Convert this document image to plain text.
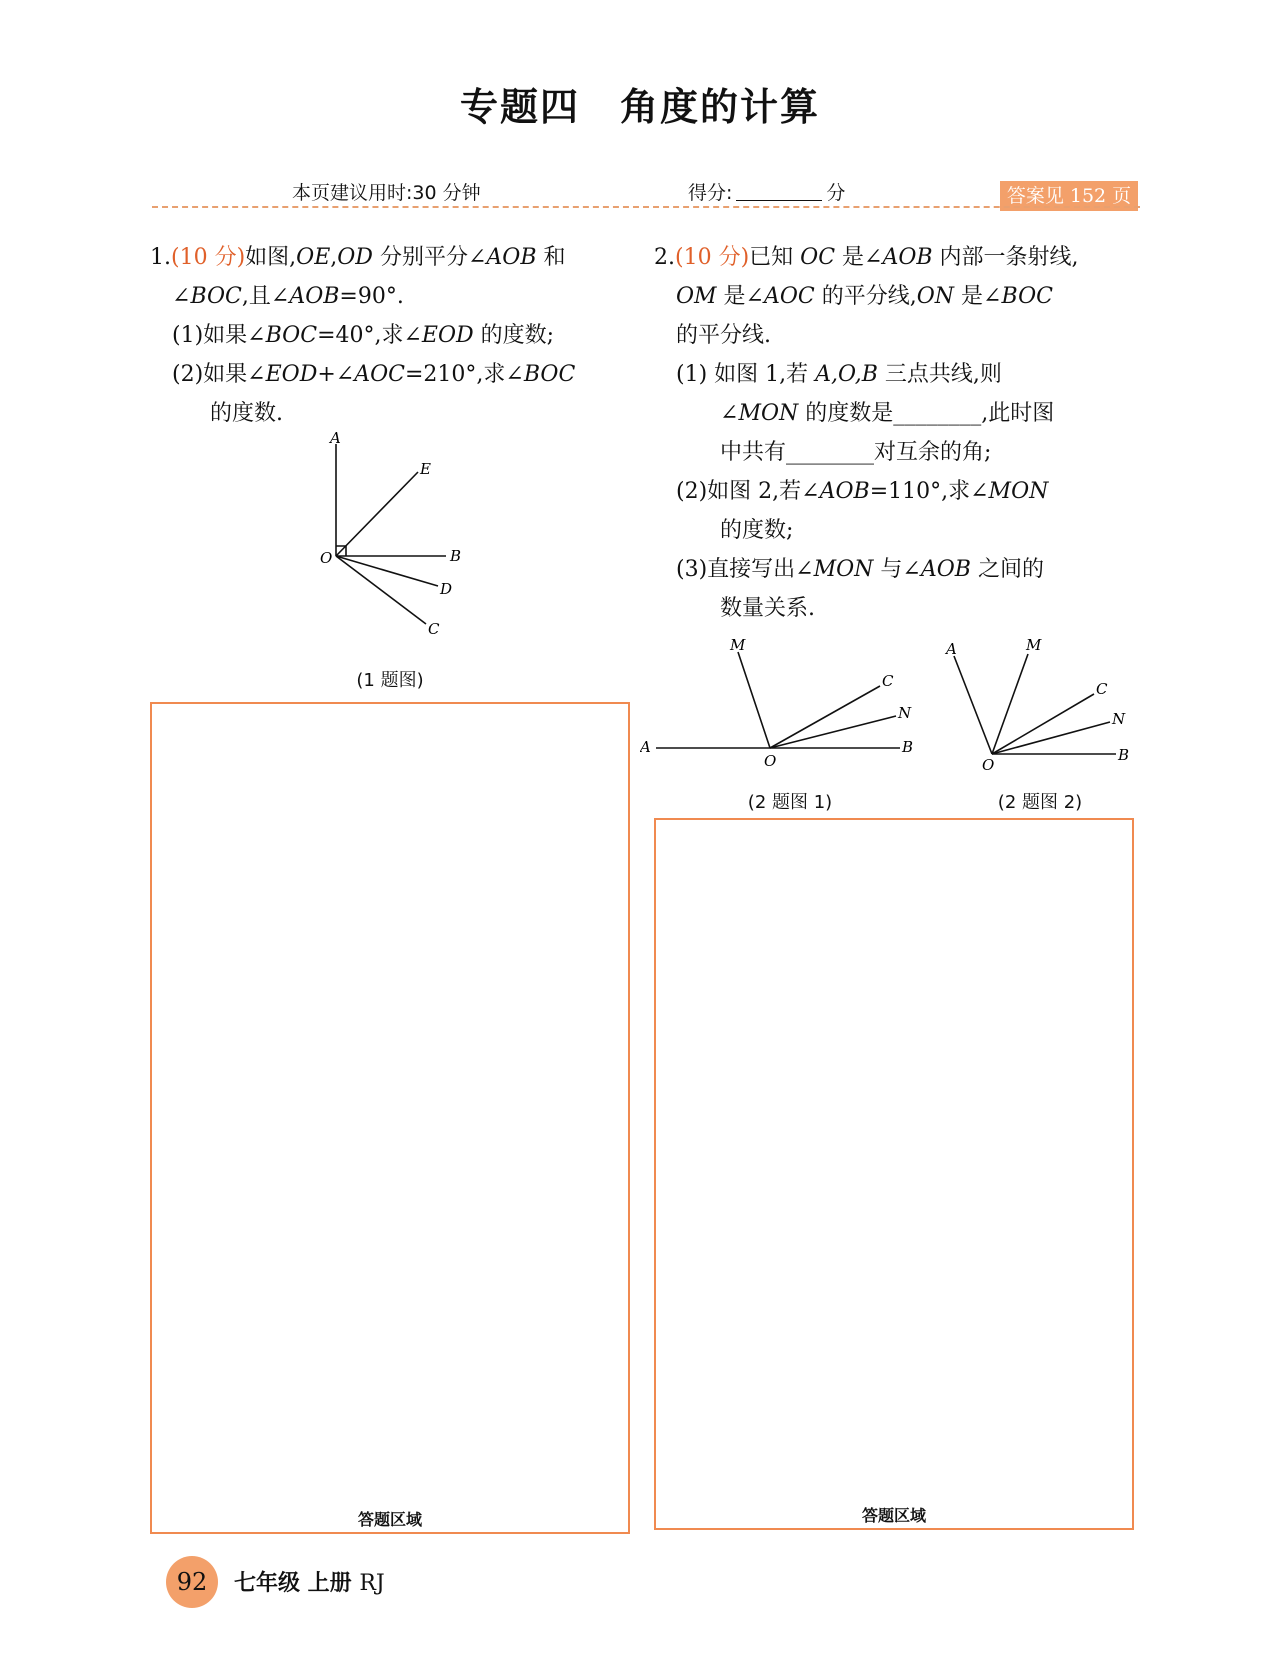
专题四　角度的计算
本页建议用时:30 分钟	得分:	分	答案见 152 页

1.(10 分)如图,OE,OD 分别平分∠AOB 和

∠BOC,且∠AOB=90°.

(1)如果∠BOC=40°,求∠EOD 的度数;

(2)如果∠EOD+∠AOC=210°,求∠BOC

的度数.

A
E
O	B
D
C
(1 题图)
答题区域

2.(10 分)已知 OC 是∠AOB 内部一条射线,

OM 是∠AOC 的平分线,ON 是∠BOC

的平分线.

(1) 如图 1,若 A,O,B 三点共线,则

∠MON 的度数是________,此时图

中共有________对互余的角;

(2)如图 2,若∠AOB=110°,求∠MON

的度数;

(3)直接写出∠MON 与∠AOB 之间的

数量关系.

M
C
N
A
O
B
(2 题图 1)
A	M
C
N
O
B
(2 题图 2)
答题区域
92	七年级 上册 RJ
